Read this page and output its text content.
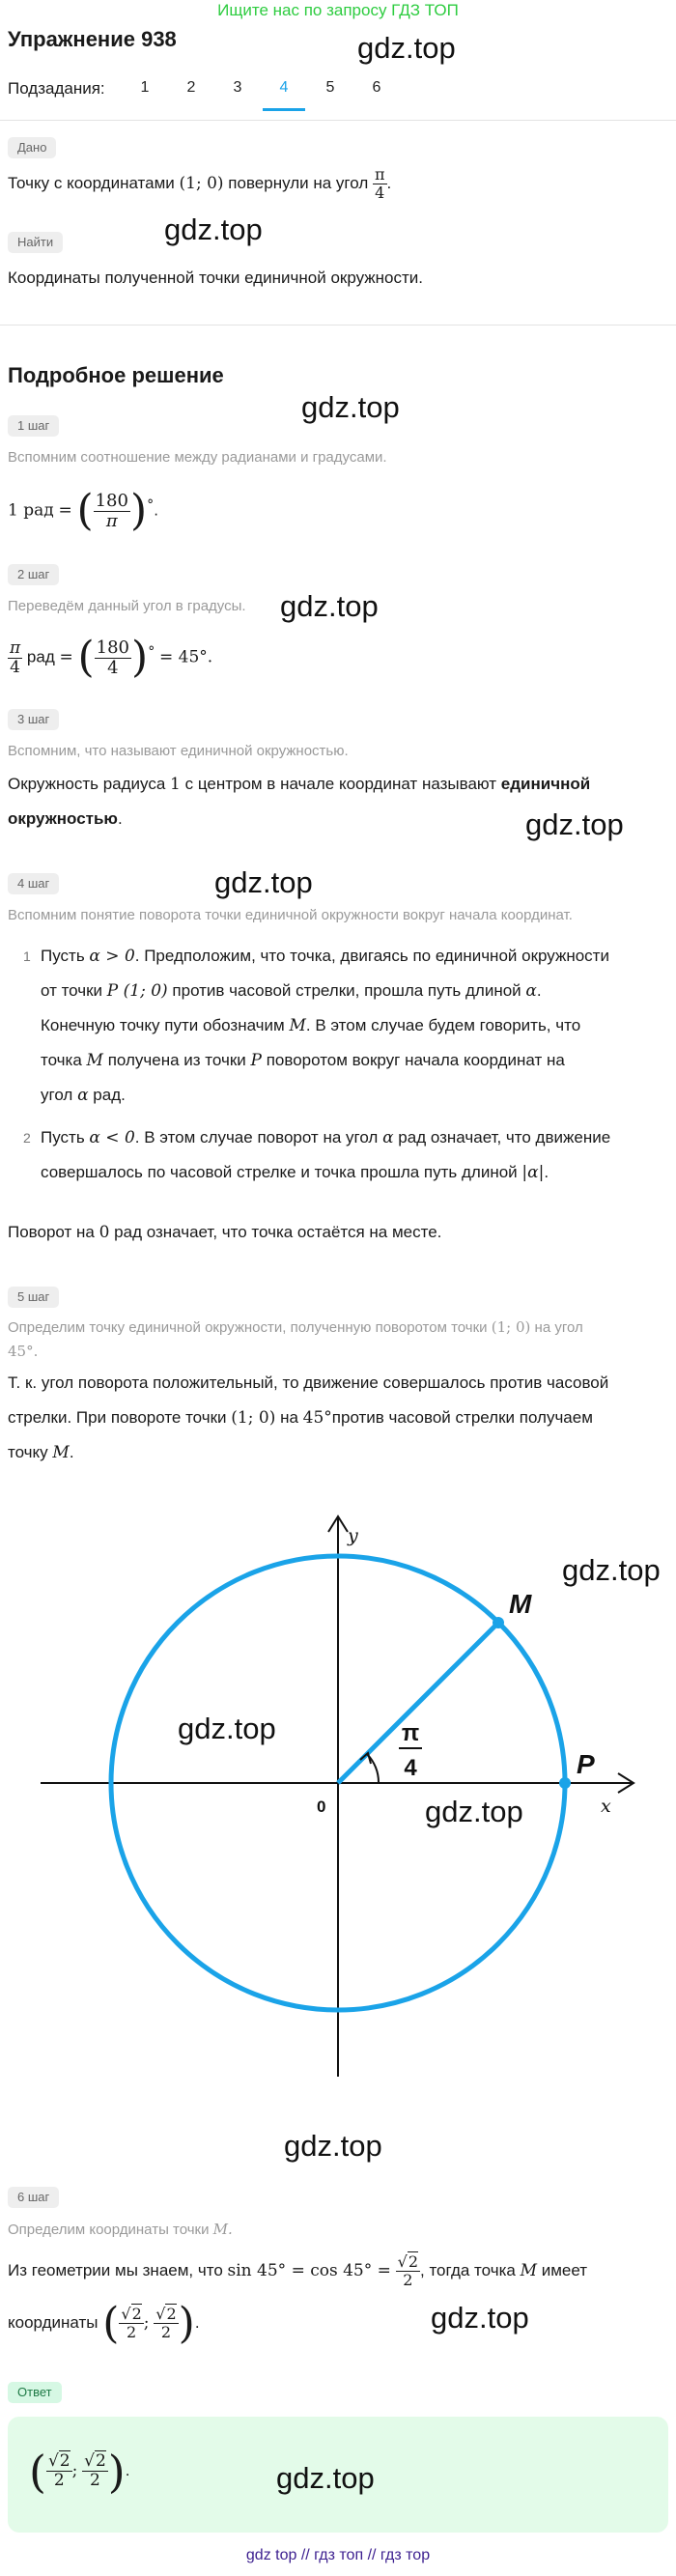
Ищите нас по запросу ГДЗ ТОП
Упражнение 938	gdz.top
Подзадания:	1	2	3	4	5	6
Дано
Точку с координатами (1; 0) повернули на угол $\frac{\pi}{4}$ .
gdz.top
Найти
Координаты полученной точки единичной окружности.
Подробное решение
gdz.top
1 шаг
Вспомним соотношение между радианами и градусами.
1 рад = ( $\frac{180}{\pi} )^\circ$.
gdz.top
2 шаг
Переведём данный угол в градусы.
$\frac{\pi}{4}$ рад = ( $\frac{180}{4} )^\circ = 45^\circ$.
3 шаг
Вспомним, что называют единичной окружностью.
Окружность радиуса 1 с центром в начале координат называют единичной
окружностью.	gdz.top
4 шаг	gdz.top
Вспомним понятие поворота точки единичной окружности вокруг начала координат.
1 Пусть α > 0. Предположим, что точка, двигаясь по единичной окружности
от точки P (1; 0) против часовой стрелки, прошла путь длиной α.
Конечную точку пути обозначим M. В этом случае будем говорить, что
точка M получена из точки P поворотом вокруг начала координат на
угол α рад.
2 Пусть α < 0. В этом случае поворот на угол α рад означает, что движение
совершалось по часовой стрелке и точка прошла путь длиной |α|.
Поворот на 0 рад означает, что точка остаётся на месте.
5 шаг
Определим точку единичной окружности, полученную поворотом точки (1; 0) на угол
45°.
Т. к. угол поворота положительный, то движение совершалось против часовой
стрелки. При повороте точки (1; 0) на 45°против часовой стрелки получаем
точку M.
y
x
0
M
P
π
4
gdz.top
gdz.top
gdz.top
gdz.top
6 шаг
Определим координаты точки M.
Из геометрии мы знаем, что $\sin 45^\circ = \cos 45^\circ = \frac{√2}{2}$ , тогда точка M имеет
координаты ( $\frac{√2}{2}$ ; $\frac{√2}{2}$ ).	gdz.top
Ответ
( $\frac{√2}{2}$ ; $\frac{√2}{2}$ ).	gdz.top
gdz top // гдз топ // гдз тор
